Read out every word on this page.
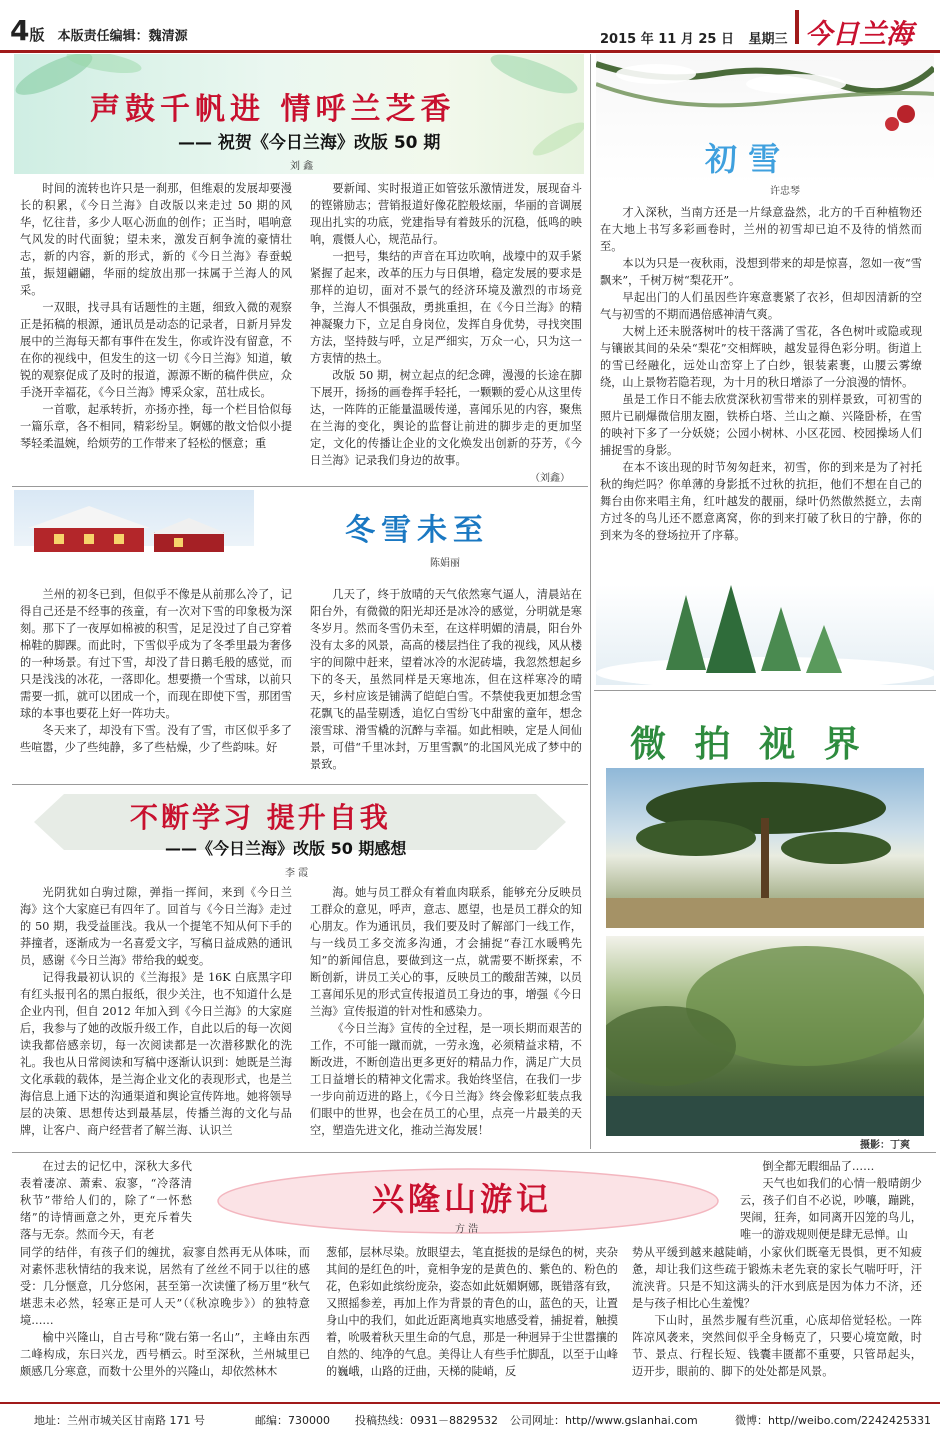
4版 本版责任编辑：魏清源	2015 年 11 月 25 日 星期三 今日兰海
声鼓千帆进 情呼兰芝香
—— 祝贺《今日兰海》改版 50 期
刘 鑫

时间的流转也许只是一刹那，但维艰的发展却要漫长的积累，《今日兰海》自改版以来走过 50 期的风华，忆往昔，多少人呕心沥血的创作；正当时，唱响意气风发的时代面貌；望未来，激发百舸争流的豪情壮志，新的内容，新的形式，新的《今日兰海》春蚕蜕茧，振翅翩翩，华丽的绽放出那一抹属于兰海人的风采。

一双眼，找寻具有话题性的主题，细致入微的观察正是拓稿的根源，通讯员是动态的记录者，日新月异发展中的兰海每天都有事件在发生，你或许没有留意，不在你的视线中，但发生的这一切《今日兰海》知道，敏锐的观察促成了及时的报道，源源不断的稿件供应，众手浇开幸福花，《今日兰海》博采众家，茁壮成长。

一首歌，起承转折，亦扬亦挫，每一个栏目恰似每一篇乐章，各不相同，精彩纷呈。婀娜的散文恰似小提琴轻柔温婉，给烦劳的工作带来了轻松的惬意；重

要新闻、实时报道正如管弦乐激情迸发，展现奋斗的铿锵励志；营销报道好像花腔般炫丽，华丽的音调展现出扎实的功底，党建指导有着鼓乐的沉稳，低鸣的映响，震慑人心，规范品行。

一把号，集结的声音在耳边吹响，战壕中的双手紧紧握了起来，改革的压力与日俱增，稳定发展的要求是那样的迫切，面对不景气的经济环境及激烈的市场竞争，兰海人不惧强敌，勇挑重担，在《今日兰海》的精神凝聚力下，立足自身岗位，发挥自身优势，寻找突围方法，坚持鼓与呼，立足严细实，万众一心，只为这一方衷情的热土。

改版 50 期，树立起点的纪念碑，漫漫的长途在脚下展开，扬扬的画卷挥手轻托，一颗颗的爱心从这里传达，一阵阵的正能量温暖传递，喜闻乐见的内容，聚焦在兰海的变化，舆论的监督让前进的脚步走的更加坚定，文化的传播让企业的文化焕发出创新的芬芳，《今日兰海》记录我们身边的故事。

（刘鑫）
冬雪未至
陈娟丽

兰州的初冬已到，但似乎不像是从前那么冷了，记得自己还是不经事的孩童，有一次对下雪的印象极为深刻。那下了一夜厚如棉被的积雪，足足没过了自己穿着棉鞋的脚踝。而此时，下雪似乎成为了冬季里最为奢侈的一种场景。有过下雪，却没了昔日鹅毛般的感觉，而只是浅浅的冰花，一落即化。想要攒一个雪球，以前只需要一抓，就可以团成一个，而现在即使下雪，那团雪球的本事也要花上好一阵功夫。

冬天来了，却没有下雪。没有了雪，市区似乎多了些喧嚣，少了些纯静，多了些枯燥，少了些韵味。好

几天了，终于放晴的天气依然寒气逼人，清晨站在阳台外，有微微的阳光却还是冰冷的感觉，分明就是寒冬岁月。然而冬雪仍未至，在这样明媚的清晨，阳台外没有太多的风景，高高的楼层挡住了我的视线，风从楼宇的间隙中赶来，望着冰冷的水泥砖墙，我忽然想起乡下的冬天，虽然同样是天寒地冻，但在这样寒冷的晴天，乡村应该是铺满了皑皑白雪。不禁使我更加想念雪花飘飞的晶莹剔透，追忆白雪纷飞中甜蜜的童年，想念滚雪球、滑雪橇的沉醉与幸福。如此相映，定是人间仙景，可借“千里冰封，万里雪飘”的北国风光成了梦中的景致。

不断学习 提升自我
——《今日兰海》改版 50 期感想
李 霞

光阴犹如白驹过隙，弹指一挥间，来到《今日兰海》这个大家庭已有四年了。回首与《今日兰海》走过的 50 期，我受益匪浅。我从一个提笔不知从何下手的莽撞者，逐渐成为一名喜爱文字，写稿日益成熟的通讯员，感谢《今日兰海》带给我的蜕变。

记得我最初认识的《兰海报》是 16K 白底黑字印有红头报刊名的黑白报纸，很少关注，也不知道什么是企业内刊，但自 2012 年加入到《今日兰海》的大家庭后，我参与了她的改版升级工作，自此以后的每一次阅读我都倍感亲切，每一次阅读都是一次潜移默化的洗礼。我也从日常阅读和写稿中逐渐认识到：她既是兰海文化承载的载体，是兰海企业文化的表现形式，也是兰海信息上通下达的沟通渠道和舆论宣传阵地。她将领导层的决策、思想传达到最基层，传播兰海的文化与品牌，让客户、商户经营者了解兰海、认识兰

海。她与员工群众有着血肉联系，能够充分反映员工群众的意见，呼声，意志、愿望，也是员工群众的知心朋友。作为通讯员，我们要及时了解部门一线工作，与一线员工多交流多沟通，才会捕捉“春江水暖鸭先知”的新闻信息，要做到这一点，就需要不断探索，不断创新，讲员工关心的事，反映员工的酸甜苦辣，以员工喜闻乐见的形式宣传报道员工身边的事，增强《今日兰海》宣传报道的针对性和感染力。

《今日兰海》宣传的全过程，是一项长期而艰苦的工作，不可能一蹴而就，一劳永逸，必须精益求精，不断改进，不断创造出更多更好的精品力作，满足广大员工日益增长的精神文化需求。我始终坚信，在我们一步一步向前迈进的路上，《今日兰海》终会像彩虹装点我们眼中的世界，也会在员工的心里，点亮一片最美的天空，塑造先进文化，推动兰海发展！

初 雪
许忠琴

才入深秋，当南方还是一片绿意盎然，北方的千百种植物还在大地上书写多彩画卷时，兰州的初雪却已迫不及待的悄然而至。

本以为只是一夜秋雨，没想到带来的却是惊喜，忽如一夜“雪飘来”，千树万树“梨花开”。

早起出门的人们虽因些许寒意裹紧了衣衫，但却因清新的空气与初雪的不期而遇倍感神清气爽。

大树上还未脱落树叶的枝干落满了雪花，各色树叶或隐或现与镶嵌其间的朵朵“梨花”交相辉映，越发显得色彩分明。街道上的雪已经融化，远处山峦穿上了白纱，银装素裹，山腰云雾缭绕，山上景物若隐若现，为十月的秋日增添了一分浪漫的情怀。

虽是工作日不能去欣赏深秋初雪带来的别样景致，可初雪的照片已刷爆微信朋友圈，铁桥白塔、兰山之巅、兴隆卧桥，在雪的映衬下多了一分妖娆；公园小树林、小区花园、校园操场人们捕捉雪的身影。

在本不该出现的时节匆匆赶来，初雪，你的到来是为了衬托秋的绚烂吗？你单薄的身影抵不过秋的抗拒，他们不想在自己的舞台由你来唱主角，红叶越发的靓丽，绿叶仍然傲然挺立，去南方过冬的鸟儿还不愿意离窝，你的到来打破了秋日的宁静，你的到来为冬的登场拉开了序幕。

微 拍 视 界
摄影：丁爽

在过去的记忆中，深秋大多代表着凄凉、萧索、寂寥，“冷落清秋节”带给人们的，除了“一怀愁绪”的诗情画意之外，更充斥着失落与无奈。然而今天，有老

兴隆山游记
方 浩

倒全都无暇细品了……

天气也如我们的心情一般晴朗少云，孩子们自不必说，吵嚷，蹦跳，哭闹，狂奔，如同离开囚笼的鸟儿，唯一的游戏规则便是肆无忌惮。山

同学的结伴，有孩子们的缠扰，寂寥自然再无从体味，而对素怀悲秋情结的我来说，居然有了丝丝不同于以往的感受：几分惬意，几分悠闲，甚至第一次读懂了杨万里“秋气堪悲未必然，轻寒正是可人天”（《秋凉晚步》）的独特意境……

榆中兴隆山，自古号称“陇右第一名山”，主峰由东西二峰构成，东曰兴龙，西号栖云。时至深秋，兰州城里已颇感几分寒意，而数十公里外的兴隆山，却依然林木

葱郁，层林尽染。放眼望去，笔直挺拔的是绿色的树，夹杂其间的是红色的叶，竟相争宠的是黄色的、紫色的、粉色的花，色彩如此缤纷庞杂，姿态如此妩媚婀娜，既错落有致，又照摇参差，再加上作为背景的青色的山，蓝色的天，让置身山中的我们，如此近距离地真实地感受着，捕捉着，触摸着，吮吸着秋天里生命的气息，那是一种迥异于尘世嚣攘的自然的、纯净的气息。美得让人有些手忙脚乱，以至于山峰的巍峨，山路的迂曲，天梯的陡峭，反

势从平缓到越来越陡峭，小家伙们既毫无畏惧，更不知疲惫，却让我们这些疏于锻炼未老先衰的家长气喘吁吁，汗流浃背。只是不知这满头的汗水到底是因为体力不济，还是与孩子相比心生羞愧？

下山时，虽然步履有些沉重，心底却倍觉轻松。一阵阵凉风袭来，突然间似乎全身畅克了，只要心境宽敞，时节、景点、行程长短、钱囊丰匮都不重要，只管昂起头，迈开步，眼前的、脚下的处处都是风景。

地址：兰州市城关区甘南路 171 号	邮编：730000 投稿热线：0931－8829532 公司网址：http//www.gslanhai.com	微博：http//weibo.com/2242425331
